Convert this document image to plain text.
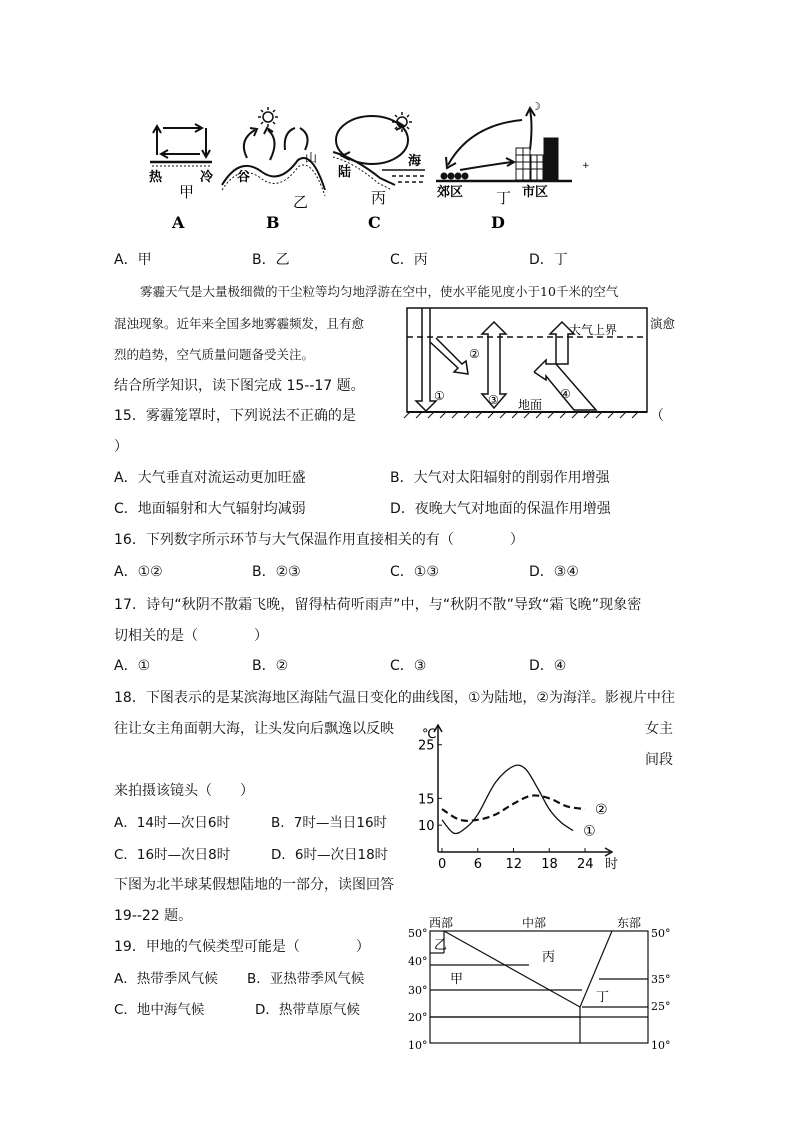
热	冷
甲
A
谷
山
乙
B
陆
海
丙
C
☽
+
郊区 丁 市区
D
A．甲	B．乙	C．丙	D．丁
雾霾天气是大量极细微的干尘粒等均匀地浮游在空中，使水平能见度小于10千米的空气
混浊现象。近年来全国多地雾霾频发，且有愈	演愈
烈的趋势，空气质量问题备受关注。
结合所学知识，读下图完成 15--17 题。
①
②
③	④
大气上界
地面
15．雾霾笼罩时，下列说法不正确的是	（
）
A．大气垂直对流运动更加旺盛	B．大气对太阳辐射的削弱作用增强
C．地面辐射和大气辐射均减弱	D．夜晚大气对地面的保温作用增强
16．下列数字所示环节与大气保温作用直接相关的有（　　　　）
A．①②	B．②③	C．①③	D．③④
17．诗句“秋阴不散霜飞晚，留得枯荷听雨声”中，与“秋阴不散”导致“霜飞晚”现象密
切相关的是（　　　　）
A．①	B．②	C．③	D．④
18．下图表示的是某滨海地区海陆气温日变化的曲线图，①为陆地，②为海洋。影视片中往
往让女主角面朝大海，让头发向后飘逸以反映	女主
间段
来拍摄该镜头（　　）
A．14时—次日6时	B．7时—当日16时
C．16时—次日8时	D．6时—次日18时
℃
时
0 6 12 18 24
10
15
25
①
②
下图为北半球某假想陆地的一部分，读图回答
19--22 题。
19．甲地的气候类型可能是（　　　　）
A．热带季风气候 B．亚热带季风气候
C．地中海气候	D．热带草原气候
西部	中部	东部
50°
40°
30°
20°
10°
50°
35°
25°
10°
乙
甲
丙
丁
